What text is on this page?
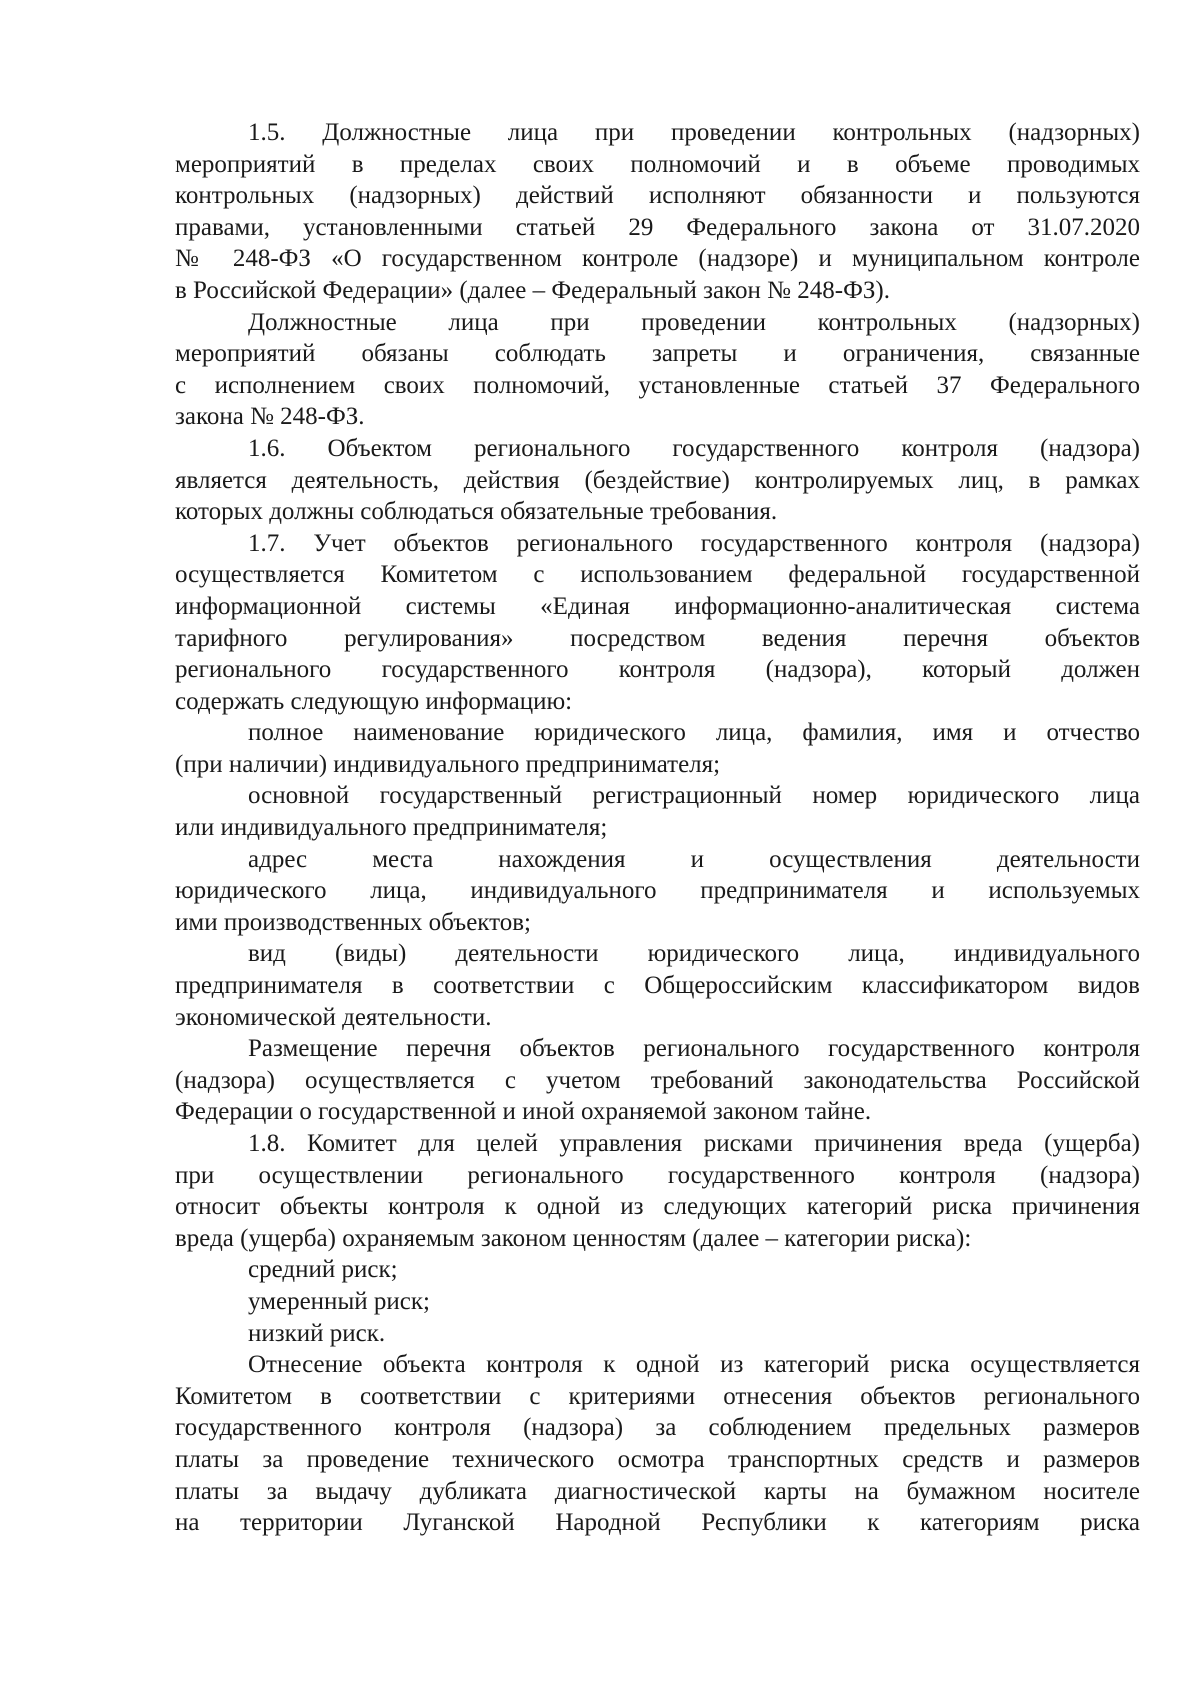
1.5. Должностные лица при проведении контрольных (надзорных)
мероприятий в пределах своих полномочий и в объеме проводимых
контрольных (надзорных) действий исполняют обязанности и пользуются
правами, установленными статьей 29 Федерального закона от 31.07.2020
№ 248-ФЗ «О государственном контроле (надзоре) и муниципальном контроле
в Российской Федерации» (далее – Федеральный закон № 248-ФЗ).

Должностные лица при проведении контрольных (надзорных)
мероприятий обязаны соблюдать запреты и ограничения, связанные
с исполнением своих полномочий, установленные статьей 37 Федерального
закона № 248-ФЗ.

1.6. Объектом регионального государственного контроля (надзора)
является деятельность, действия (бездействие) контролируемых лиц, в рамках
которых должны соблюдаться обязательные требования.

1.7. Учет объектов регионального государственного контроля (надзора)
осуществляется Комитетом с использованием федеральной государственной
информационной системы «Единая информационно-аналитическая система
тарифного регулирования» посредством ведения перечня объектов
регионального государственного контроля (надзора), который должен
содержать следующую информацию:

полное наименование юридического лица, фамилия, имя и отчество
(при наличии) индивидуального предпринимателя;

основной государственный регистрационный номер юридического лица
или индивидуального предпринимателя;

адрес места нахождения и осуществления деятельности
юридического лица, индивидуального предпринимателя и используемых
ими производственных объектов;

вид (виды) деятельности юридического лица, индивидуального
предпринимателя в соответствии с Общероссийским классификатором видов
экономической деятельности.

Размещение перечня объектов регионального государственного контроля
(надзора) осуществляется с учетом требований законодательства Российской
Федерации о государственной и иной охраняемой законом тайне.

1.8. Комитет для целей управления рисками причинения вреда (ущерба)
при осуществлении регионального государственного контроля (надзора)
относит объекты контроля к одной из следующих категорий риска причинения
вреда (ущерба) охраняемым законом ценностям (далее – категории риска):

средний риск;

умеренный риск;

низкий риск.

Отнесение объекта контроля к одной из категорий риска осуществляется
Комитетом в соответствии с критериями отнесения объектов регионального
государственного контроля (надзора) за соблюдением предельных размеров
платы за проведение технического осмотра транспортных средств и размеров
платы за выдачу дубликата диагностической карты на бумажном носителе
на территории Луганской Народной Республики к категориям риска
